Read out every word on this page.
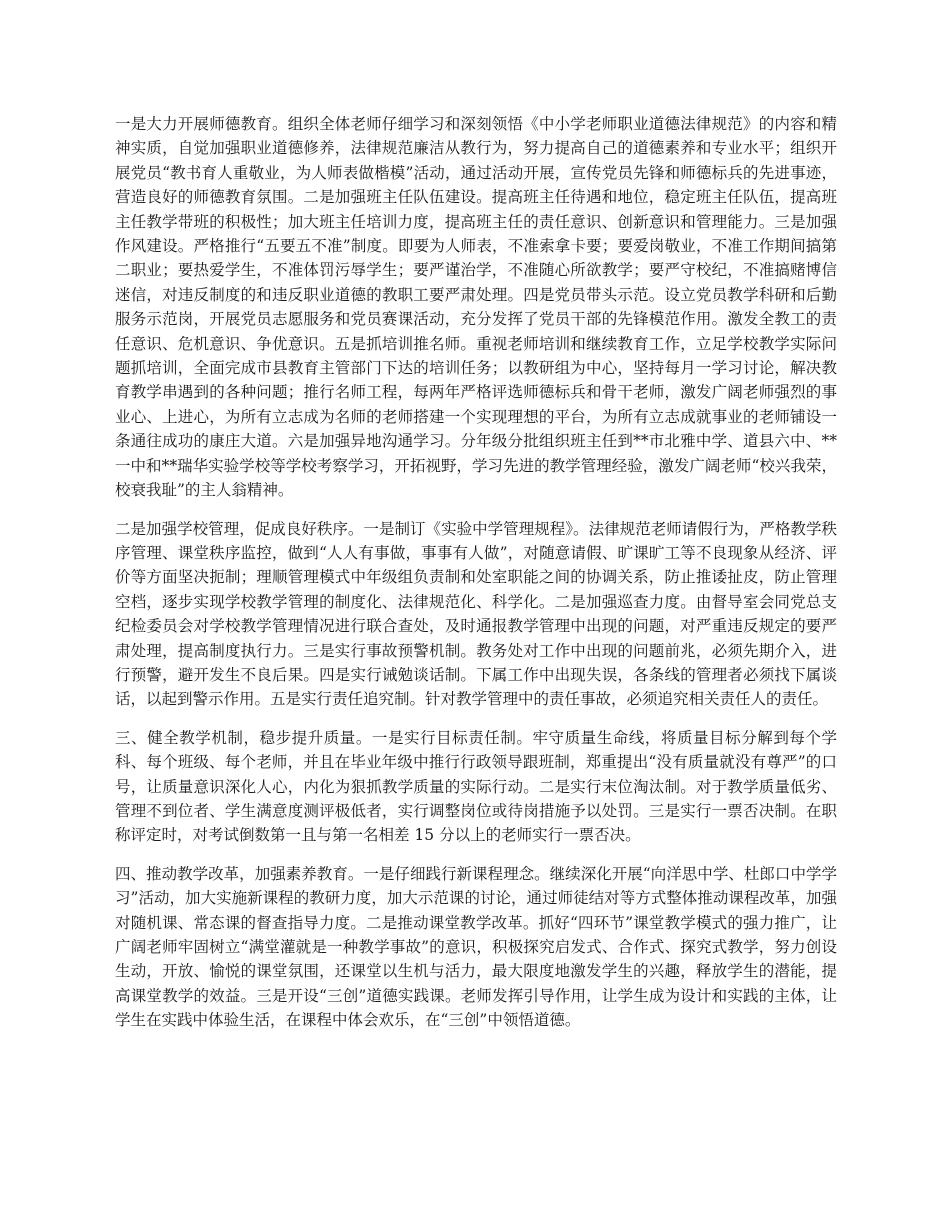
一是大力开展师德教育。组织全体老师仔细学习和深刻领悟《中小学老师职业道德法律规范》的内容和精神实质，自觉加强职业道德修养，法律规范廉洁从教行为，努力提高自己的道德素养和专业水平；组织开展党员“教书育人重敬业，为人师表做楷模”活动，通过活动开展，宣传党员先锋和师德标兵的先进事迹，营造良好的师德教育氛围。二是加强班主任队伍建设。提高班主任待遇和地位，稳定班主任队伍，提高班主任教学带班的积极性；加大班主任培训力度，提高班主任的责任意识、创新意识和管理能力。三是加强作风建设。严格推行“五要五不准”制度。即要为人师表，不准索拿卡要；要爱岗敬业，不准工作期间搞第二职业；要热爱学生，不准体罚污辱学生；要严谨治学，不准随心所欲教学；要严守校纪，不准搞赌博信迷信，对违反制度的和违反职业道德的教职工要严肃处理。四是党员带头示范。设立党员教学科研和后勤服务示范岗，开展党员志愿服务和党员赛课活动，充分发挥了党员干部的先锋模范作用。激发全教工的责任意识、危机意识、争优意识。五是抓培训推名师。重视老师培训和继续教育工作，立足学校教学实际问题抓培训，全面完成市县教育主管部门下达的培训任务；以教研组为中心，坚持每月一学习讨论，解决教育教学串遇到的各种问题；推行名师工程，每两年严格评选师德标兵和骨干老师，激发广阔老师强烈的事业心、上进心，为所有立志成为名师的老师搭建一个实现理想的平台，为所有立志成就事业的老师铺设一条通往成功的康庄大道。六是加强异地沟通学习。分年级分批组织班主任到**市北雅中学、道县六中、**一中和**瑞华实验学校等学校考察学习，开拓视野，学习先进的教学管理经验，激发广阔老师“校兴我荣，校衰我耻”的主人翁精神。

二是加强学校管理，促成良好秩序。一是制订《实验中学管理规程》。法律规范老师请假行为，严格教学秩序管理、课堂秩序监控，做到“人人有事做，事事有人做”，对随意请假、旷课旷工等不良现象从经济、评价等方面坚决扼制；理顺管理模式中年级组负责制和处室职能之间的协调关系，防止推诿扯皮，防止管理空档，逐步实现学校教学管理的制度化、法律规范化、科学化。二是加强巡查力度。由督导室会同党总支纪检委员会对学校教学管理情况进行联合查处，及时通报教学管理中出现的问题，对严重违反规定的要严肃处理，提高制度执行力。三是实行事故预警机制。教务处对工作中出现的问题前兆，必须先期介入，进行预警，避开发生不良后果。四是实行诫勉谈话制。下属工作中出现失误，各条线的管理者必须找下属谈话，以起到警示作用。五是实行责任追究制。针对教学管理中的责任事故，必须追究相关责任人的责任。

三、健全教学机制，稳步提升质量。一是实行目标责任制。牢守质量生命线，将质量目标分解到每个学科、每个班级、每个老师，并且在毕业年级中推行行政领导跟班制，郑重提出“没有质量就没有尊严”的口号，让质量意识深化人心，内化为狠抓教学质量的实际行动。二是实行末位淘汰制。对于教学质量低劣、管理不到位者、学生满意度测评极低者，实行调整岗位或待岗措施予以处罚。三是实行一票否决制。在职称评定时，对考试倒数第一且与第一名相差 15 分以上的老师实行一票否决。

四、推动教学改革，加强素养教育。一是仔细践行新课程理念。继续深化开展“向洋思中学、杜郎口中学学习”活动，加大实施新课程的教研力度，加大示范课的讨论，通过师徒结对等方式整体推动课程改革，加强对随机课、常态课的督查指导力度。二是推动课堂教学改革。抓好“四环节”课堂教学模式的强力推广，让广阔老师牢固树立“满堂灌就是一种教学事故”的意识，积极探究启发式、合作式、探究式教学，努力创设生动，开放、愉悦的课堂氛围，还课堂以生机与活力，最大限度地激发学生的兴趣，释放学生的潜能，提高课堂教学的效益。三是开设“三创”道德实践课。老师发挥引导作用，让学生成为设计和实践的主体，让学生在实践中体验生活，在课程中体会欢乐，在“三创”中领悟道德。
